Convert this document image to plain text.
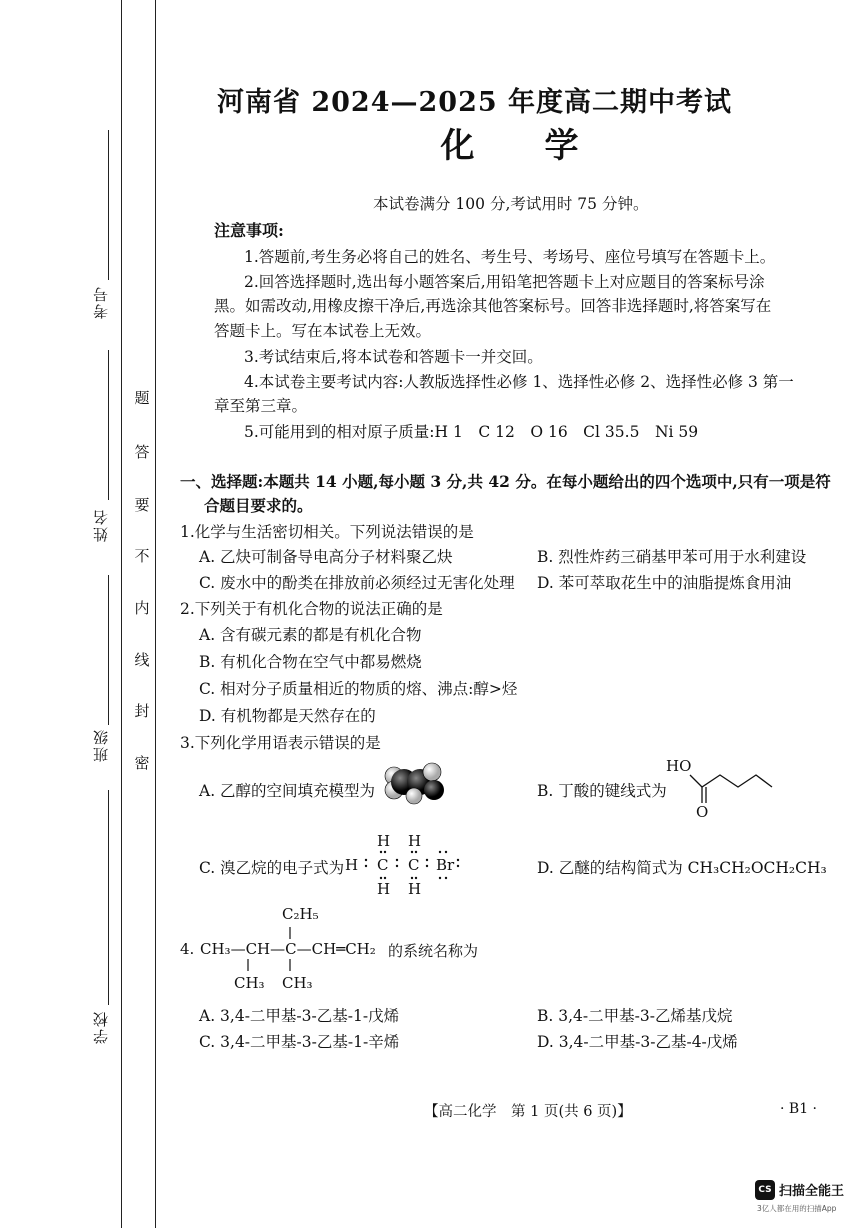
考号
姓名
班级
学校
题
答
要
不
内
线
封
密
河南省 2024—2025 年度高二期中考试
化学
本试卷满分 100 分,考试用时 75 分钟。
注意事项:
1.答题前,考生务必将自己的姓名、考生号、考场号、座位号填写在答题卡上。
2.回答选择题时,选出每小题答案后,用铅笔把答题卡上对应题目的答案标号涂
黑。如需改动,用橡皮擦干净后,再选涂其他答案标号。回答非选择题时,将答案写在
答题卡上。写在本试卷上无效。
3.考试结束后,将本试卷和答题卡一并交回。
4.本试卷主要考试内容:人教版选择性必修 1、选择性必修 2、选择性必修 3 第一
章至第三章。
5.可能用到的相对原子质量:H 1　C 12　O 16　Cl 35.5　Ni 59
一、选择题:本题共 14 小题,每小题 3 分,共 42 分。在每小题给出的四个选项中,只有一项是符
合题目要求的。
1.化学与生活密切相关。下列说法错误的是
A. 乙炔可制备导电高分子材料聚乙炔	B. 烈性炸药三硝基甲苯可用于水利建设
C. 废水中的酚类在排放前必须经过无害化处理 D. 苯可萃取花生中的油脂提炼食用油
2.下列关于有机化合物的说法正确的是
A. 含有碳元素的都是有机化合物
B. 有机化合物在空气中都易燃烧
C. 相对分子质量相近的物质的熔、沸点:醇>烃
D. 有机物都是天然存在的
3.下列化学用语表示错误的是
A. 乙醇的空间填充模型为	B. 丁酸的键线式为
HO
O
C. 溴乙烷的电子式为 H
H H
C C Br
H H
D. 乙醚的结构简式为 CH₃CH₂OCH₂CH₃
4.
C₂H₅
CH₃—CH—C—CH═CH₂ 的系统名称为
CH₃ CH₃
A. 3,4-二甲基-3-乙基-1-戊烯	B. 3,4-二甲基-3-乙烯基戊烷
C. 3,4-二甲基-3-乙基-1-辛烯	D. 3,4-二甲基-3-乙基-4-戊烯
【高二化学　第 1 页(共 6 页)】	· B1 ·
CS 扫描全能王
3亿人都在用的扫描App
